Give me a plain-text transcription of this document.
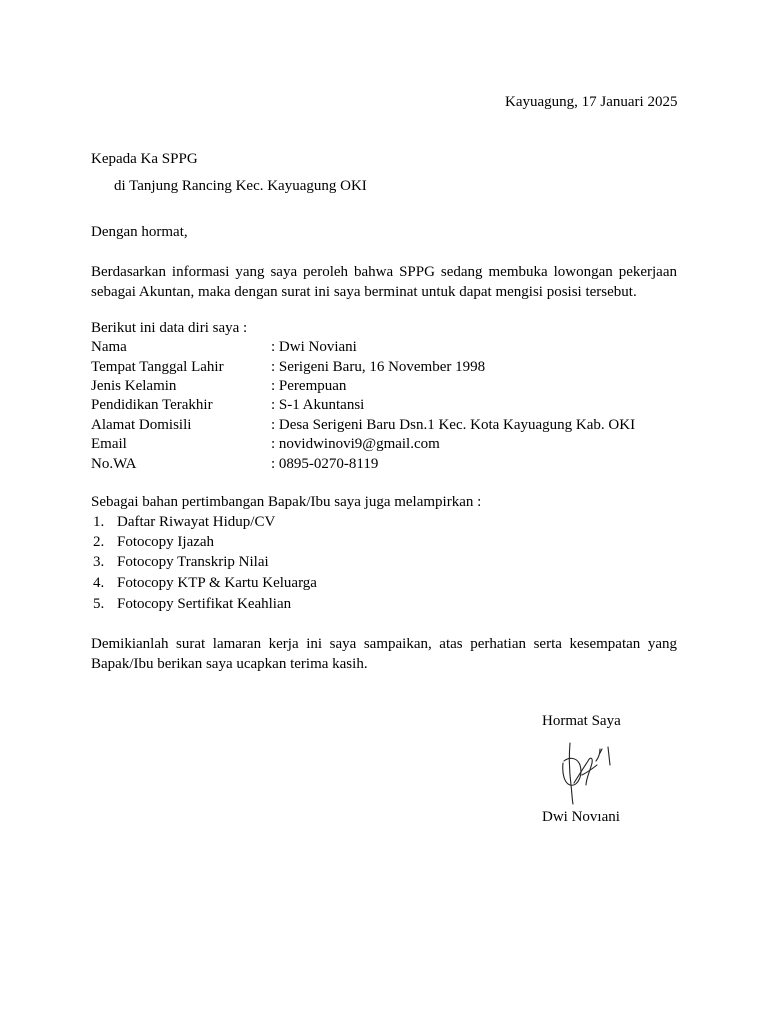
Kayuagung, 17 Januari 2025
Kepada Ka SPPG
di Tanjung Rancing Kec. Kayuagung OKI
Dengan hormat,
Berdasarkan informasi yang saya peroleh bahwa SPPG sedang membuka lowongan pekerjaan sebagai Akuntan, maka dengan surat ini saya berminat untuk dapat mengisi posisi tersebut.
Berikut ini data diri saya :
Nama	: Dwi Noviani
Tempat Tanggal Lahir	: Serigeni Baru, 16 November 1998
Jenis Kelamin	: Perempuan
Pendidikan Terakhir	: S-1 Akuntansi
Alamat Domisili	: Desa Serigeni Baru Dsn.1 Kec. Kota Kayuagung Kab. OKI
Email	: novidwinovi9@gmail.com
No.WA	: 0895-0270-8119
Sebagai bahan pertimbangan Bapak/Ibu saya juga melampirkan :
1. Daftar Riwayat Hidup/CV
2. Fotocopy Ijazah
3. Fotocopy Transkrip Nilai
4. Fotocopy KTP & Kartu Keluarga
5. Fotocopy Sertifikat Keahlian
Demikianlah surat lamaran kerja ini saya sampaikan, atas perhatian serta kesempatan yang Bapak/Ibu berikan saya ucapkan terima kasih.
Hormat Saya
Dwi Novıani
